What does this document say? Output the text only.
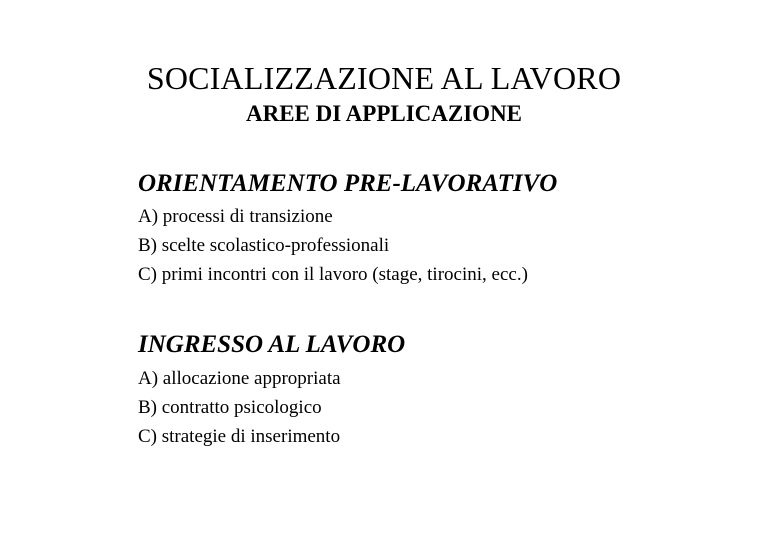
SOCIALIZZAZIONE AL LAVORO
AREE DI APPLICAZIONE
ORIENTAMENTO PRE-LAVORATIVO
A) processi di transizione
B) scelte scolastico-professionali
C) primi incontri con il lavoro (stage, tirocini, ecc.)
INGRESSO AL LAVORO
A) allocazione appropriata
B) contratto psicologico
C) strategie di inserimento
